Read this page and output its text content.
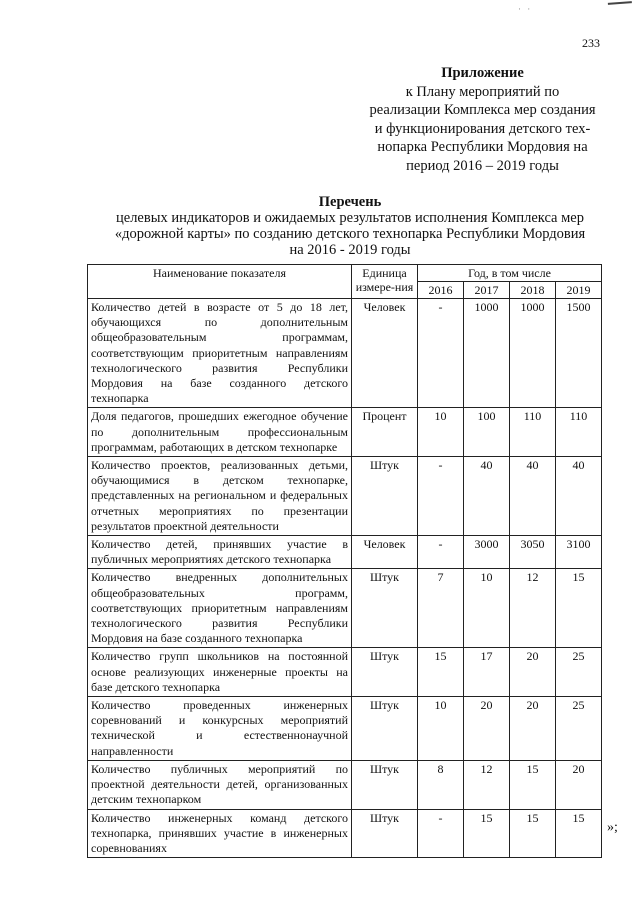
· ·
233
Приложение
к Плану мероприятий по
реализации Комплекса мер создания
и функционирования детского тех-
нопарка Республики Мордовия на
период 2016 – 2019 годы
Перечень
целевых индикаторов и ожидаемых результатов исполнения Комплекса мер
«дорожной карты» по созданию детского технопарка Республики Мордовия
на 2016 - 2019 годы
Наименование показателя	Единица измере-ния	Год, в том числе			
		2016	2017	2018	2019
Количество детей в возрасте от 5 до 18 лет, обучающихся по дополнительным общеобразовательным программам, соответствующим приоритетным направлениям технологического развития Республики Мордовия на базе созданного детского технопарка	Человек	-	1000	1000	1500
Доля педагогов, прошедших ежегодное обучение по дополнительным профессиональным программам, работающих в детском технопарке	Процент	10	100	110	110
Количество проектов, реализованных детьми, обучающимися в детском технопарке, представленных на региональном и федеральных отчетных мероприятиях по презентации результатов проектной деятельности	Штук	-	40	40	40
Количество детей, принявших участие в публичных мероприятиях детского технопарка	Человек	-	3000	3050	3100
Количество внедренных дополнительных общеобразовательных программ, соответствующих приоритетным направлениям технологического развития Республики Мордовия на базе созданного технопарка	Штук	7	10	12	15
Количество групп школьников на постоянной основе реализующих инженерные проекты на базе детского технопарка	Штук	15	17	20	25
Количество проведенных инженерных соревнований и конкурсных мероприятий технической и естественнонаучной направленности	Штук	10	20	20	25
Количество публичных мероприятий по проектной деятельности детей, организованных детским технопарком	Штук	8	12	15	20
Количество инженерных команд детского технопарка, принявших участие в инженерных соревнованиях	Штук	-	15	15	15
»;
